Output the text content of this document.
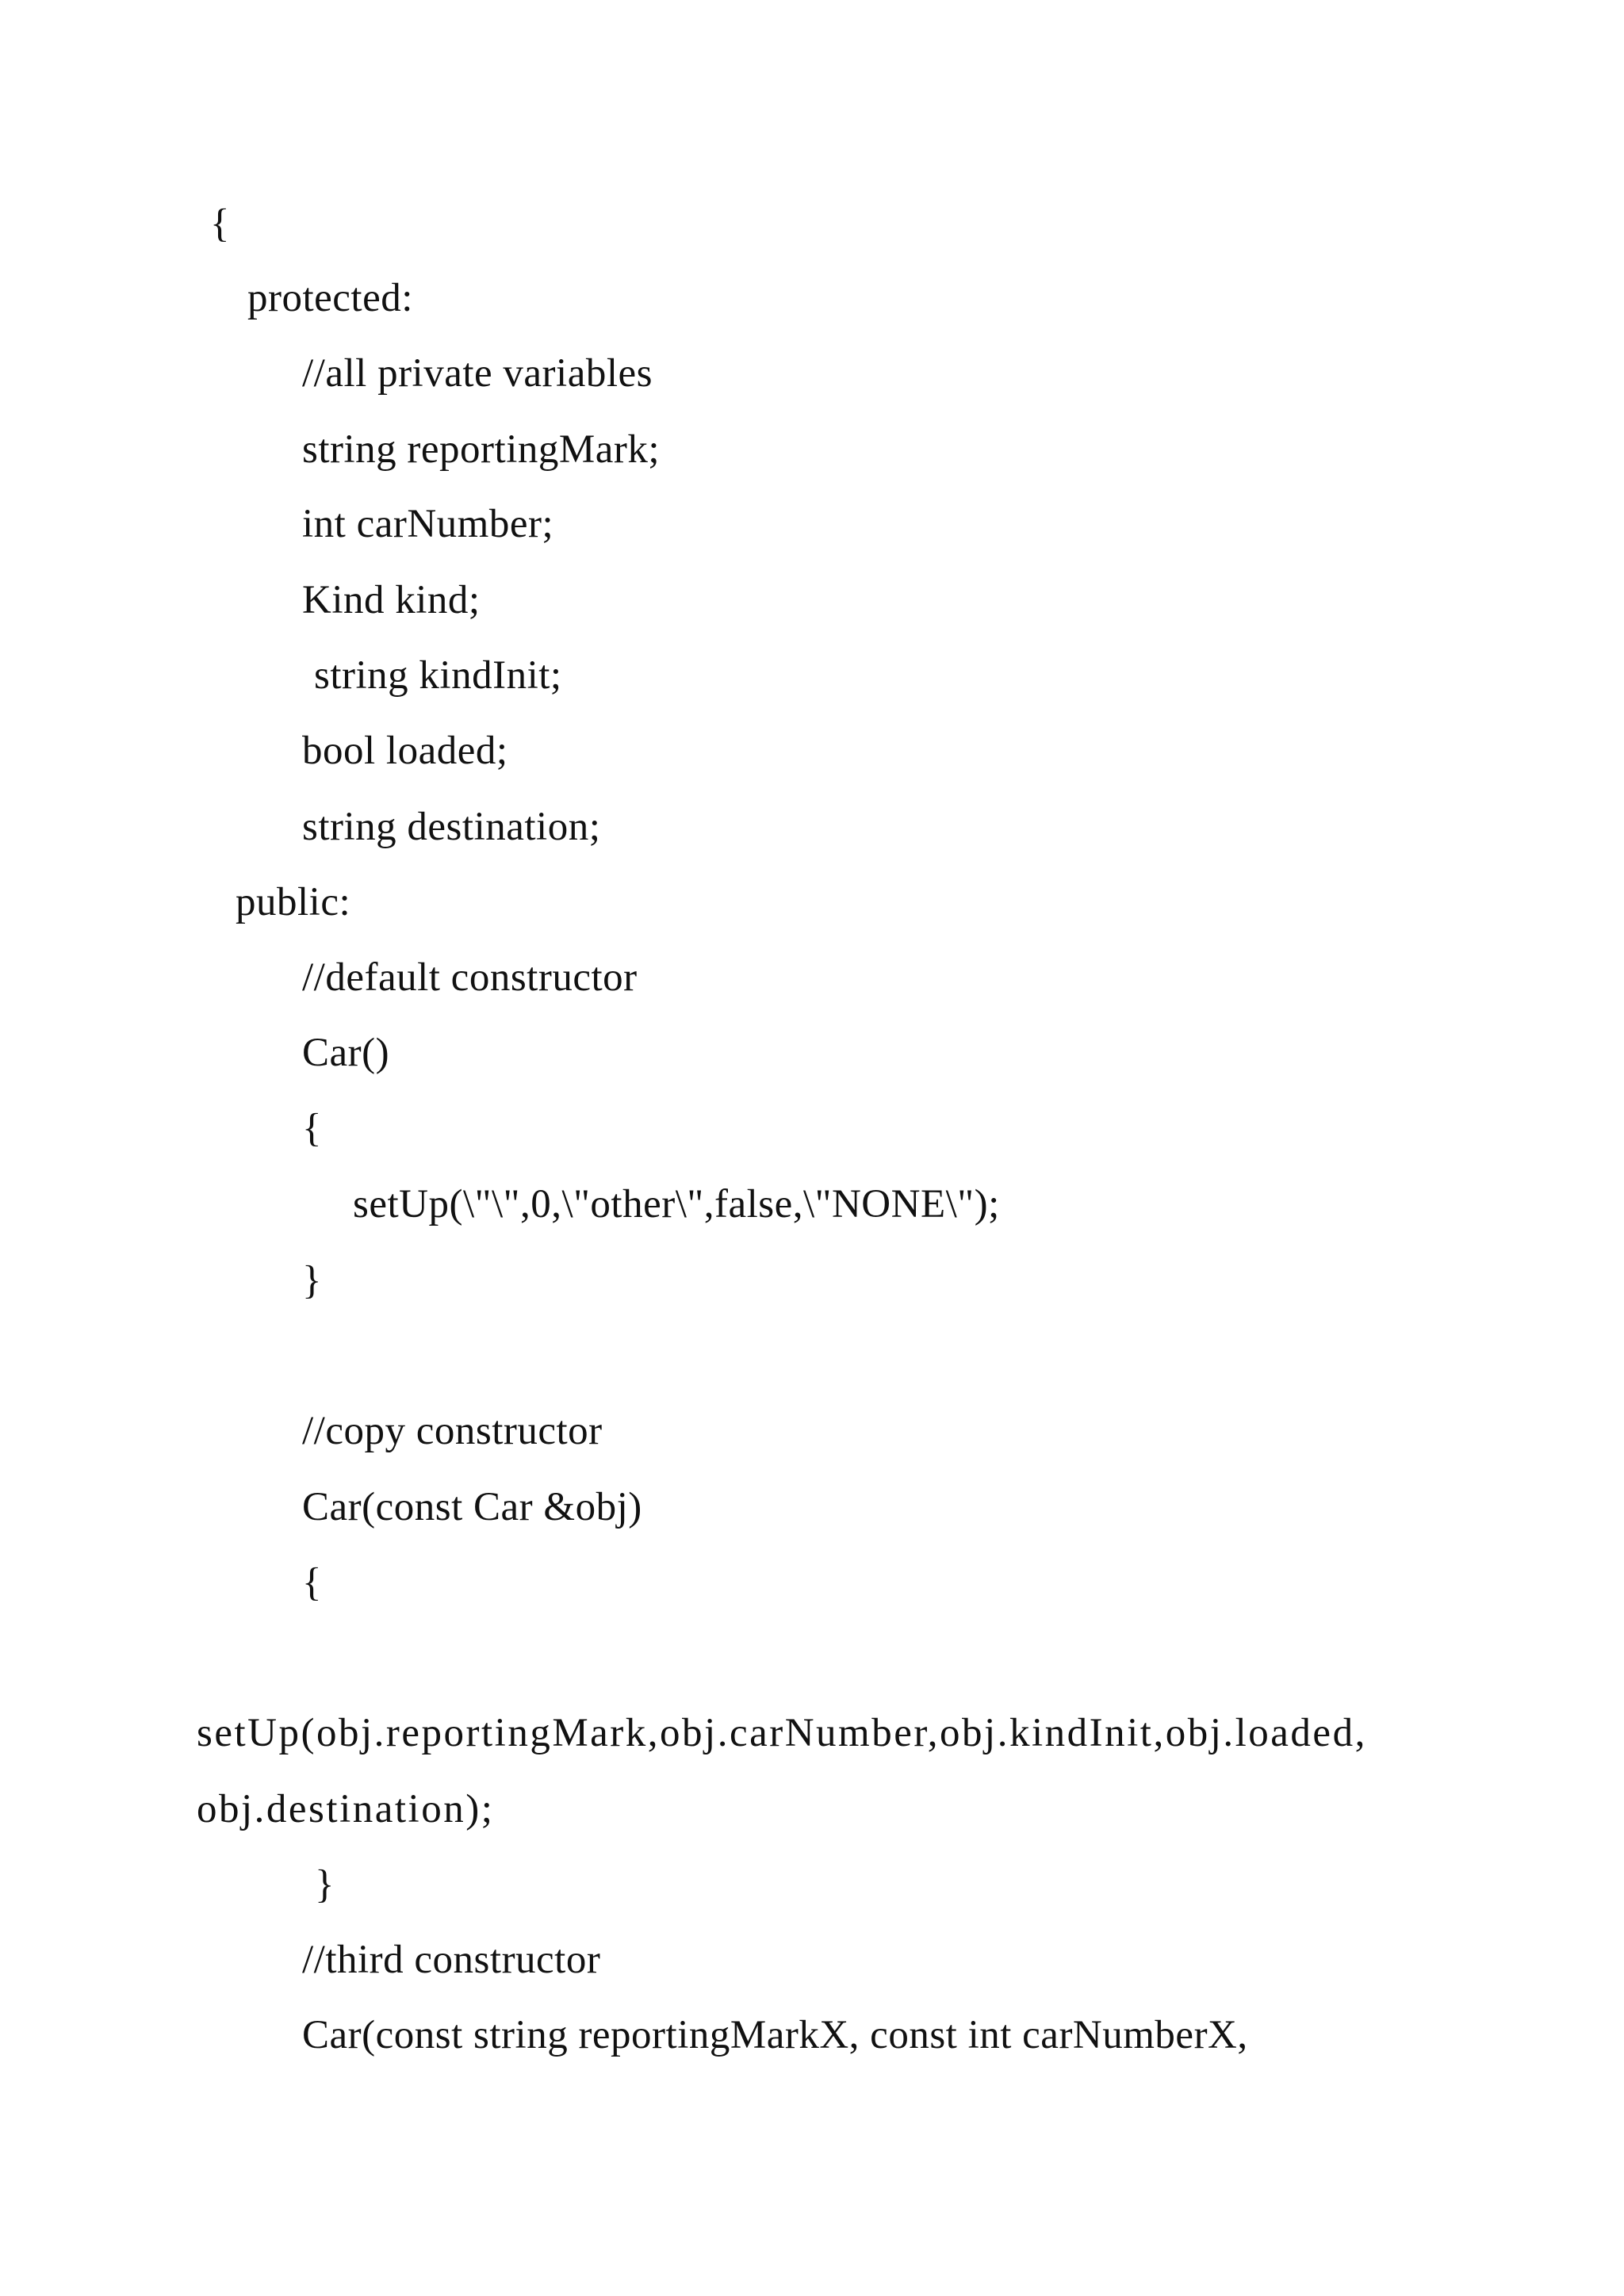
{
protected:
//all private variables
string reportingMark;
int carNumber;
Kind kind;
string kindInit;
bool loaded;
string destination;
public:
//default constructor
Car()
{
setUp(\"\",0,\"other\",false,\"NONE\");
}
//copy constructor
Car(const Car &obj)
{
setUp(obj.reportingMark,obj.carNumber,obj.kindInit,obj.loaded,
obj.destination);
}
//third constructor
Car(const string reportingMarkX, const int carNumberX,
